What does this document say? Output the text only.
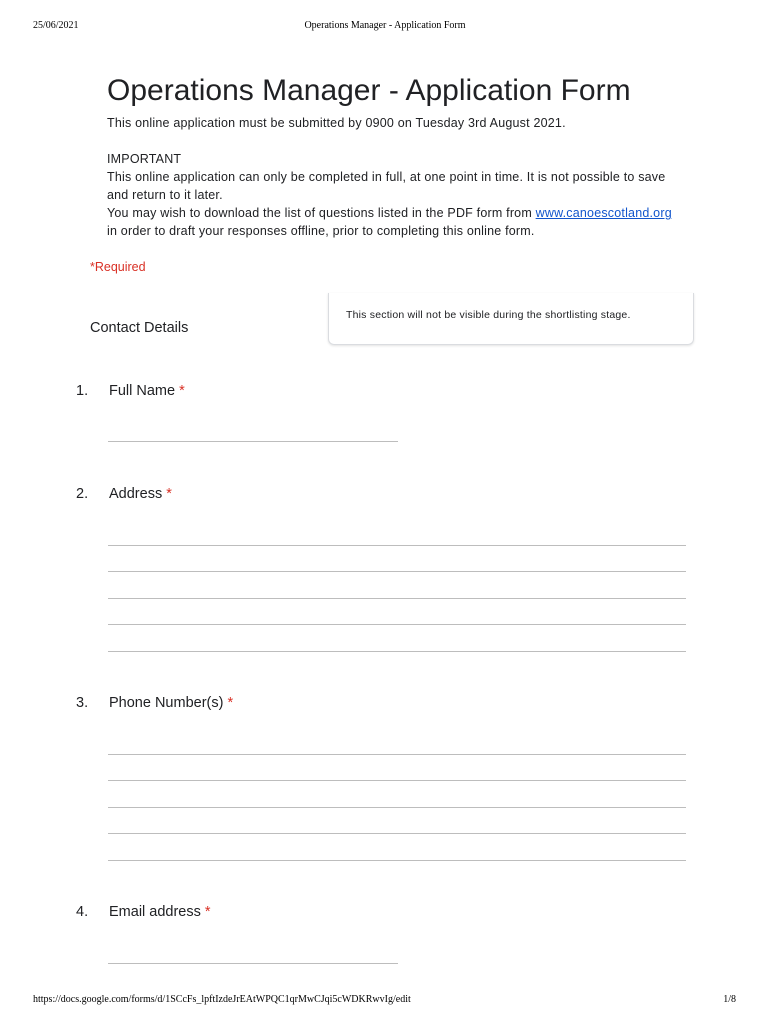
25/06/2021	Operations Manager - Application Form
Operations Manager - Application Form

This online application must be submitted by 0900 on Tuesday 3rd August 2021.

IMPORTANT

This online application can only be completed in full, at one point in time. It is not possible to save and return to it later.

You may wish to download the list of questions listed in the PDF form from www.canoescotland.org in order to draft your responses offline, prior to completing this online form.

*Required
Contact Details
This section will not be visible during the shortlisting stage.
1. Full Name *
2. Address *
3. Phone Number(s) *
4. Email address *
https://docs.google.com/forms/d/1SCcFs_lpftIzdeJrEAtWPQC1qrMwCJqi5cWDKRwvIg/edit	1/8
